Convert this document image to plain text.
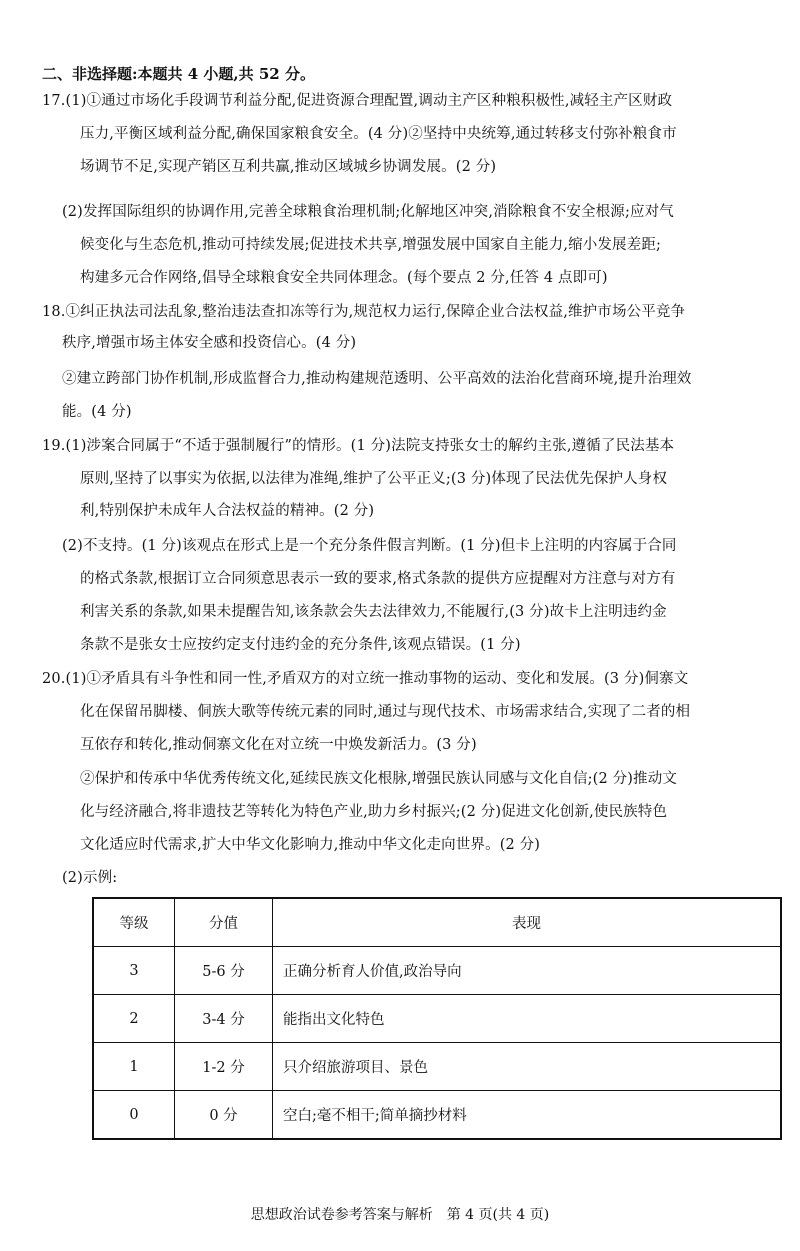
二、非选择题:本题共 4 小题,共 52 分。
17.(1)①通过市场化手段调节利益分配,促进资源合理配置,调动主产区种粮积极性,减轻主产区财政
压力,平衡区域利益分配,确保国家粮食安全。(4 分)②坚持中央统筹,通过转移支付弥补粮食市
场调节不足,实现产销区互利共赢,推动区域城乡协调发展。(2 分)
(2)发挥国际组织的协调作用,完善全球粮食治理机制;化解地区冲突,消除粮食不安全根源;应对气
候变化与生态危机,推动可持续发展;促进技术共享,增强发展中国家自主能力,缩小发展差距;
构建多元合作网络,倡导全球粮食安全共同体理念。(每个要点 2 分,任答 4 点即可)
18.①纠正执法司法乱象,整治违法查扣冻等行为,规范权力运行,保障企业合法权益,维护市场公平竞争
秩序,增强市场主体安全感和投资信心。(4 分)
②建立跨部门协作机制,形成监督合力,推动构建规范透明、公平高效的法治化营商环境,提升治理效
能。(4 分)
19.(1)涉案合同属于“不适于强制履行”的情形。(1 分)法院支持张女士的解约主张,遵循了民法基本
原则,坚持了以事实为依据,以法律为准绳,维护了公平正义;(3 分)体现了民法优先保护人身权
利,特别保护未成年人合法权益的精神。(2 分)
(2)不支持。(1 分)该观点在形式上是一个充分条件假言判断。(1 分)但卡上注明的内容属于合同
的格式条款,根据订立合同须意思表示一致的要求,格式条款的提供方应提醒对方注意与对方有
利害关系的条款,如果未提醒告知,该条款会失去法律效力,不能履行,(3 分)故卡上注明违约金
条款不是张女士应按约定支付违约金的充分条件,该观点错误。(1 分)
20.(1)①矛盾具有斗争性和同一性,矛盾双方的对立统一推动事物的运动、变化和发展。(3 分)侗寨文
化在保留吊脚楼、侗族大歌等传统元素的同时,通过与现代技术、市场需求结合,实现了二者的相
互依存和转化,推动侗寨文化在对立统一中焕发新活力。(3 分)
②保护和传承中华优秀传统文化,延续民族文化根脉,增强民族认同感与文化自信;(2 分)推动文
化与经济融合,将非遗技艺等转化为特色产业,助力乡村振兴;(2 分)促进文化创新,使民族特色
文化适应时代需求,扩大中华文化影响力,推动中华文化走向世界。(2 分)
(2)示例:
等级	分值	表现
3	5-6 分	正确分析育人价值,政治导向
2	3-4 分	能指出文化特色
1	1-2 分	只介绍旅游项目、景色
0	0 分	空白;毫不相干;简单摘抄材料
思想政治试卷参考答案与解析　第 4 页(共 4 页)
